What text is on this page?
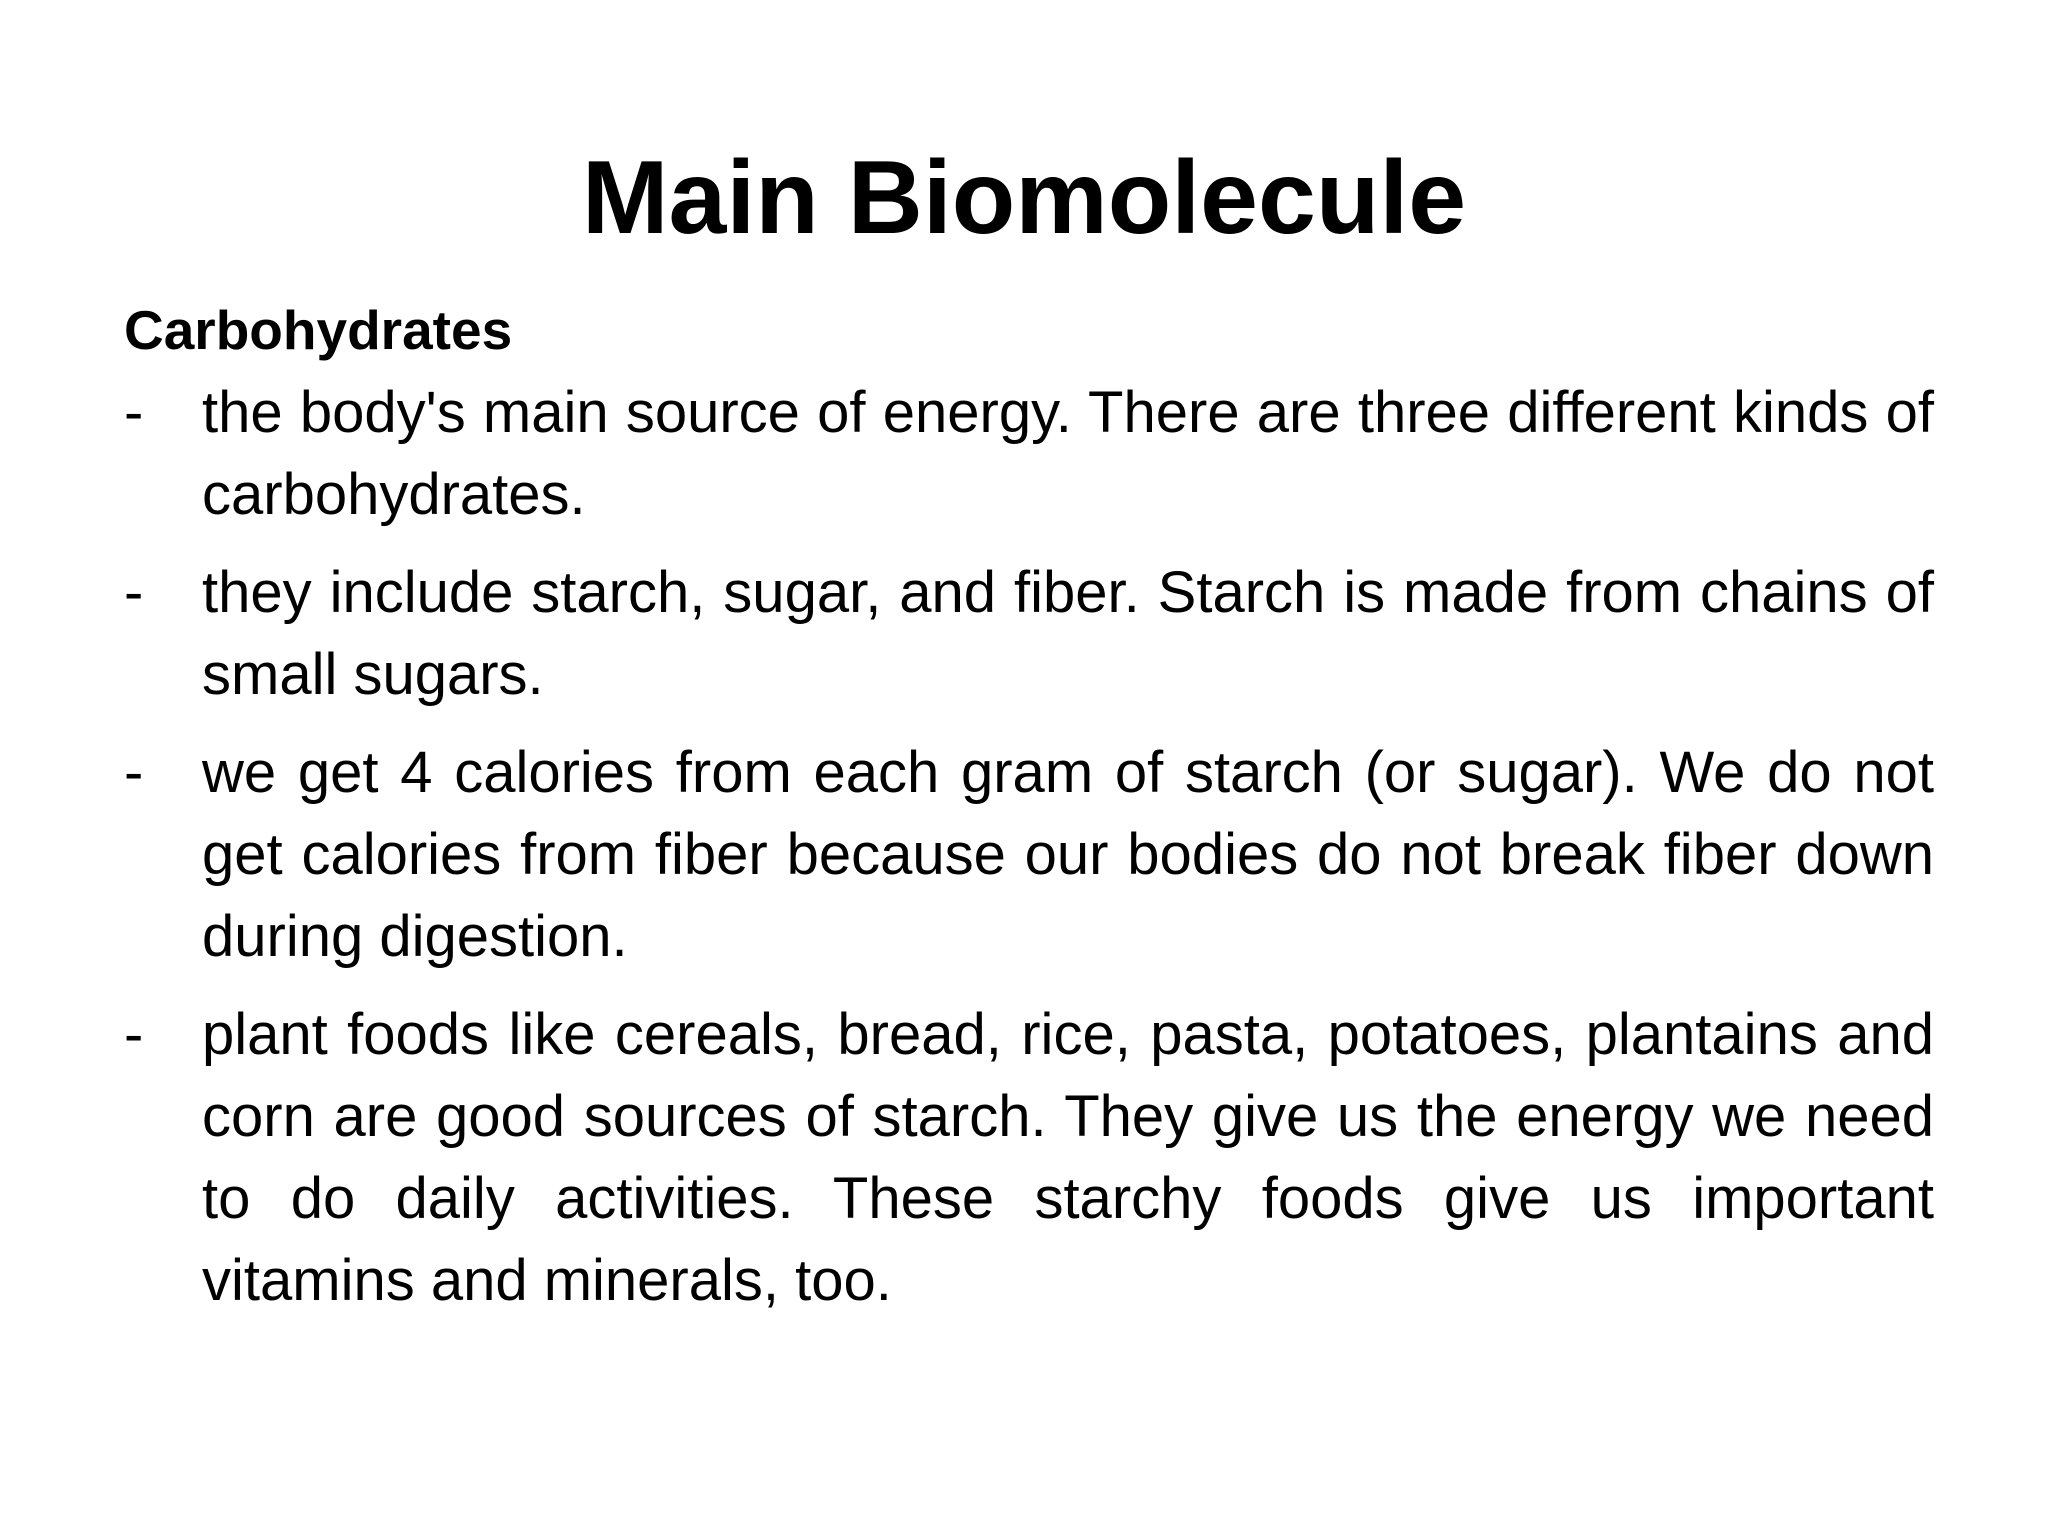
Main Biomolecule
Carbohydrates
-	the body's main source of energy. There are three different kinds of carbohydrates.
-	they include starch, sugar, and fiber. Starch is made from chains of small sugars.
-	we get 4 calories from each gram of starch (or sugar). We do not get calories from fiber because our bodies do not break fiber down during digestion.
-	plant foods like cereals, bread, rice, pasta, potatoes, plantains and corn are good sources of starch. They give us the energy we need to do daily activities. These starchy foods give us important vitamins and minerals, too.
